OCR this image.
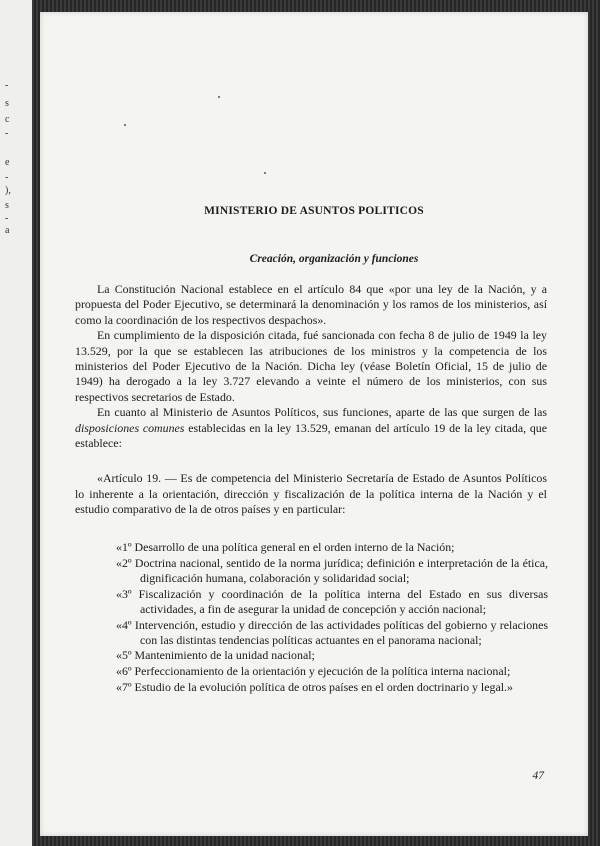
-
s
c
-
e
-
),
s
-
a
MINISTERIO DE ASUNTOS POLITICOS
Creación, organización y funciones

La Constitución Nacional establece en el artículo 84 que «por una ley de la Nación, y a propuesta del Poder Ejecutivo, se determinará la denominación y los ramos de los ministerios, así como la coordinación de los respectivos despachos».

En cumplimiento de la disposición citada, fué sancionada con fecha 8 de julio de 1949 la ley 13.529, por la que se establecen las atribuciones de los ministros y la competencia de los ministerios del Poder Ejecutivo de la Nación. Dicha ley (véase Boletín Oficial, 15 de julio de 1949) ha derogado a la ley 3.727 elevando a veinte el número de los ministerios, con sus respectivos secretarios de Estado.

En cuanto al Ministerio de Asuntos Políticos, sus funciones, aparte de las que surgen de las disposiciones comunes establecidas en la ley 13.529, emanan del artículo 19 de la ley citada, que establece:

«Artículo 19. — Es de competencia del Ministerio Secretaría de Estado de Asuntos Políticos lo inherente a la orientación, dirección y fiscalización de la política interna de la Nación y el estudio comparativo de la de otros países y en particular:

«1º Desarrollo de una política general en el orden interno de la Nación;
«2º Doctrina nacional, sentido de la norma jurídica; definición e interpretación de la ética, dignificación humana, colaboración y solidaridad social;
«3º Fiscalización y coordinación de la política interna del Estado en sus diversas actividades, a fin de asegurar la unidad de concepción y acción nacional;
«4º Intervención, estudio y dirección de las actividades políticas del gobierno y relaciones con las distintas tendencias políticas actuantes en el panorama nacional;
«5º Mantenimiento de la unidad nacional;
«6º Perfeccionamiento de la orientación y ejecución de la política interna nacional;
«7º Estudio de la evolución política de otros países en el orden doctrinario y legal.»
47
